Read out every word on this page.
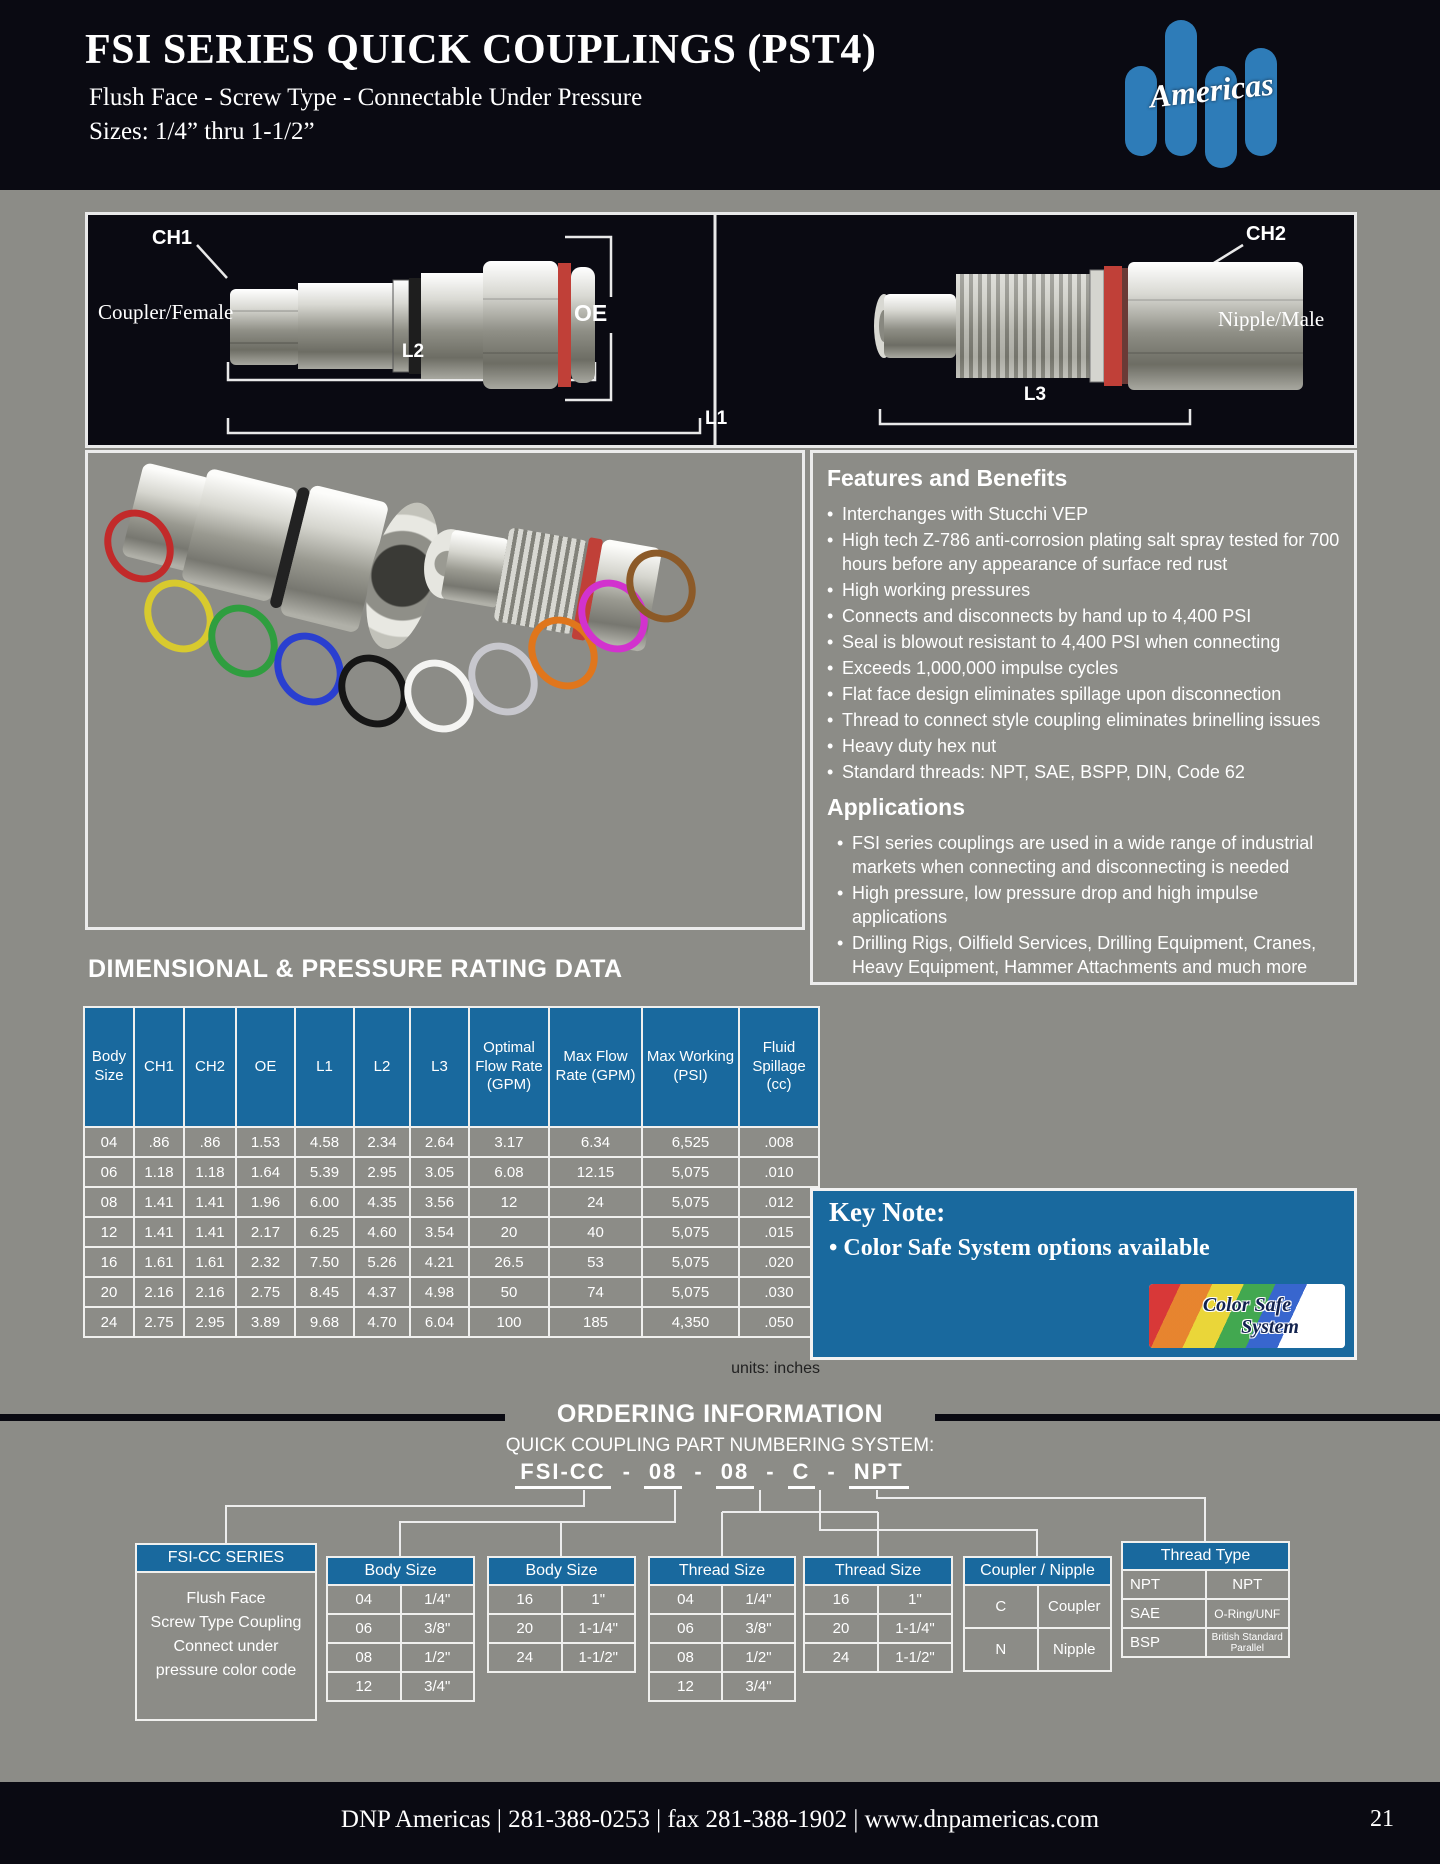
FSI SERIES QUICK COUPLINGS (PST4)
Flush Face - Screw Type - Connectable Under Pressure
Sizes: 1/4” thru 1-1/2”
Americas
CH1
Coupler/Female	OE
L2
L1
CH2
Nipple/Male
L3
Features and Benefits
• Interchanges with Stucchi VEP
• High tech Z-786 anti-corrosion plating salt spray tested for 700 hours before any appearance of surface red rust
• High working pressures
• Connects and disconnects by hand up to 4,400 PSI
• Seal is blowout resistant to 4,400 PSI when connecting
• Exceeds 1,000,000 impulse cycles
• Flat face design eliminates spillage upon disconnection
• Thread to connect style coupling eliminates brinelling issues
• Heavy duty hex nut
• Standard threads: NPT, SAE, BSPP, DIN, Code 62
Applications
• FSI series couplings are used in a wide range of industrial markets when connecting and disconnecting is needed
• High pressure, low pressure drop and high impulse applications
• Drilling Rigs, Oilfield Services, Drilling Equipment, Cranes, Heavy Equipment, Hammer Attachments and much more
DIMENSIONAL & PRESSURE RATING DATA
Body Size	CH1	CH2	OE	L1	L2	L3	Optimal Flow Rate (GPM)	Max Flow Rate (GPM)	Max Working (PSI)	Fluid Spillage (cc)
04	.86	.86	1.53	4.58	2.34	2.64	3.17	6.34	6,525	.008
06	1.18	1.18	1.64	5.39	2.95	3.05	6.08	12.15	5,075	.010
08	1.41	1.41	1.96	6.00	4.35	3.56	12	24	5,075	.012
12	1.41	1.41	2.17	6.25	4.60	3.54	20	40	5,075	.015
16	1.61	1.61	2.32	7.50	5.26	4.21	26.5	53	5,075	.020
20	2.16	2.16	2.75	8.45	4.37	4.98	50	74	5,075	.030
24	2.75	2.95	3.89	9.68	4.70	6.04	100	185	4,350	.050
units: inches
Key Note:
• Color Safe System options available
Color Safe
System
ORDERING INFORMATION
QUICK COUPLING PART NUMBERING SYSTEM:
FSI-CC - 08 - 08 - C - NPT
FSI-CC SERIES
Flush Face
Screw Type Coupling
Connect under
pressure color code
Body Size	
04	1/4"
06	3/8"
08	1/2"
12	3/4"
Body Size	
16	1"
20	1-1/4"
24	1-1/2"
Thread Size	
04	1/4"
06	3/8"
08	1/2"
12	3/4"
Thread Size	
16	1"
20	1-1/4"
24	1-1/2"
Coupler / Nipple	
C	Coupler
N	Nipple
Thread Type	
NPT	NPT
SAE	O-Ring/UNF
BSP	British Standard Parallel
DNP Americas | 281-388-0253 | fax 281-388-1902 | www.dnpamericas.com	21
